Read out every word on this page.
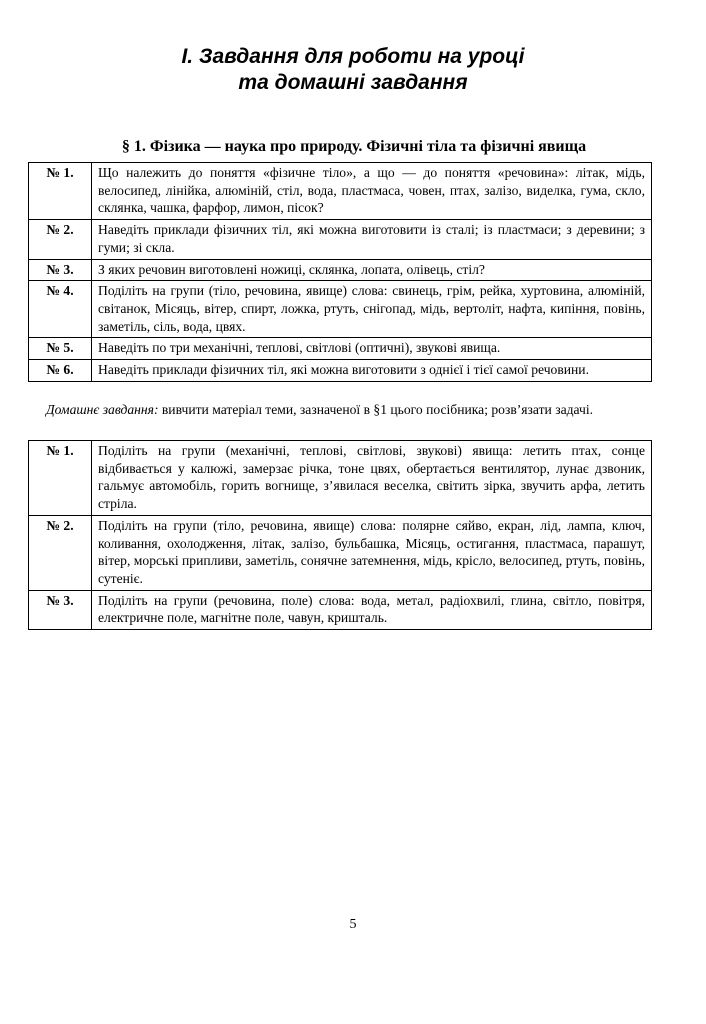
І. Завдання для роботи на уроці
та домашні завдання
§ 1. Фізика — наука про природу. Фізичні тіла та фізичні явища
№ 1.	Що належить до поняття «фізичне тіло», а що — до поняття «речовина»: літак, мідь, велосипед, лінійка, алюміній, стіл, вода, пластмаса, човен, птах, залізо, виделка, гума, скло, склянка, чашка, фарфор, лимон, пісок?
№ 2.	Наведіть приклади фізичних тіл, які можна виготовити із сталі; із пластмаси; з деревини; з гуми; зі скла.
№ 3.	З яких речовин виготовлені ножиці, склянка, лопата, олівець, стіл?
№ 4.	Поділіть на групи (тіло, речовина, явище) слова: свинець, грім, рейка, хуртовина, алюміній, світанок, Місяць, вітер, спирт, ложка, ртуть, снігопад, мідь, вертоліт, нафта, кипіння, повінь, заметіль, сіль, вода, цвях.
№ 5.	Наведіть по три механічні, теплові, світлові (оптичні), звукові явища.
№ 6.	Наведіть приклади фізичних тіл, які можна виготовити з однієї і тієї самої речовини.
Домашнє завдання: вивчити матеріал теми, зазначеної в §1 цього посібника; розв’язати задачі.
№ 1.	Поділіть на групи (механічні, теплові, світлові, звукові) явища: летить птах, сонце відбивається у калюжі, замерзає річка, тоне цвях, обертається вентилятор, лунає дзвоник, гальмує автомобіль, горить вогнище, з’явилася веселка, світить зірка, звучить арфа, летить стріла.
№ 2.	Поділіть на групи (тіло, речовина, явище) слова: полярне сяйво, екран, лід, лампа, ключ, коливання, охолодження, літак, залізо, бульбашка, Місяць, остигання, пластмаса, парашут, вітер, морські припливи, заметіль, сонячне затемнення, мідь, крісло, велосипед, ртуть, повінь, сутеніє.
№ 3.	Поділіть на групи (речовина, поле) слова: вода, метал, радіохвилі, глина, світло, повітря, електричне поле, магнітне поле, чавун, кришталь.
5
